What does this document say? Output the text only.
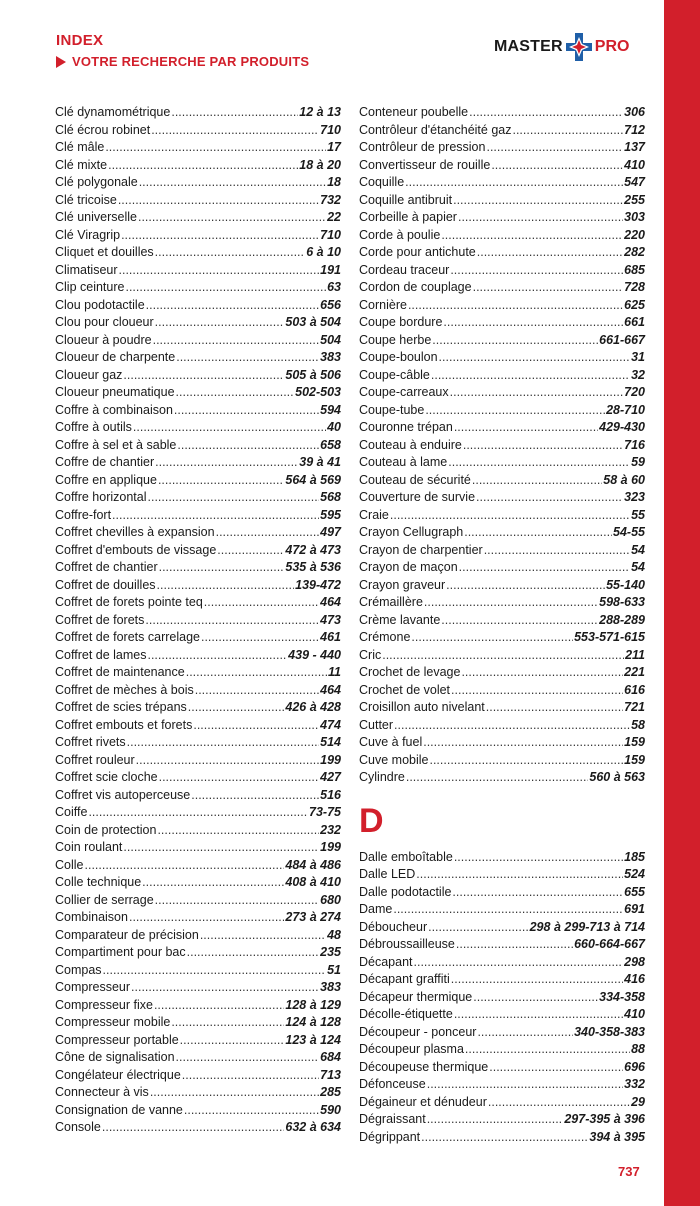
INDEX
VOTRE RECHERCHE PAR PRODUITS
MASTER PRO
Clé dynamométrique .....	12 à 13
Clé écrou robinet .....	710
Clé mâle .....	17
Clé mixte .....	18 à 20
Clé polygonale .....	18
Clé tricoise .....	732
Clé universelle .....	22
Clé Viragrip .....	710
Cliquet et douilles .....	6 à 10
Climatiseur .....	191
Clip ceinture .....	63
Clou podotactile .....	656
Clou pour cloueur .....	503 à 504
Cloueur à poudre .....	504
Cloueur de charpente .....	383
Cloueur gaz .....	505 à 506
Cloueur pneumatique .....	502-503
Coffre à combinaison .....	594
Coffre à outils .....	40
Coffre à sel et à sable .....	658
Coffre de chantier .....	39 à 41
Coffre en applique .....	564 à 569
Coffre horizontal .....	568
Coffre-fort .....	595
Coffret chevilles à expansion .....	497
Coffret d'embouts de vissage .....	472 à 473
Coffret de chantier .....	535 à 536
Coffret de douilles .....	139-472
Coffret de forets pointe teq .....	464
Coffret de forets .....	473
Coffret de forets carrelage .....	461
Coffret de lames .....	439 - 440
Coffret de maintenance .....	11
Coffret de mèches à bois .....	464
Coffret de scies trépans .....	426 à 428
Coffret embouts et forets .....	474
Coffret rivets .....	514
Coffret rouleur .....	199
Coffret scie cloche .....	427
Coffret vis autoperceuse .....	516
Coiffe .....	73-75
Coin de protection .....	232
Coin roulant .....	199
Colle .....	484 à 486
Colle technique .....	408 à 410
Collier de serrage .....	680
Combinaison .....	273 à 274
Comparateur de précision .....	48
Compartiment pour bac .....	235
Compas .....	51
Compresseur .....	383
Compresseur fixe .....	128 à 129
Compresseur mobile .....	124 à 128
Compresseur portable .....	123 à 124
Cône de signalisation .....	684
Congélateur électrique .....	713
Connecteur à vis .....	285
Consignation de vanne .....	590
Console .....	632 à 634
Conteneur poubelle .....	306
Contrôleur d'étanchéité gaz .....	712
Contrôleur de pression .....	137
Convertisseur de rouille .....	410
Coquille .....	547
Coquille antibruit .....	255
Corbeille à papier .....	303
Corde à poulie .....	220
Corde pour antichute .....	282
Cordeau traceur .....	685
Cordon de couplage .....	728
Cornière .....	625
Coupe bordure .....	661
Coupe herbe .....	661-667
Coupe-boulon .....	31
Coupe-câble .....	32
Coupe-carreaux .....	720
Coupe-tube .....	28-710
Couronne trépan .....	429-430
Couteau à enduire .....	716
Couteau à lame .....	59
Couteau de sécurité .....	58 à 60
Couverture de survie .....	323
Craie .....	55
Crayon Cellugraph .....	54-55
Crayon de charpentier .....	54
Crayon de maçon .....	54
Crayon graveur .....	55-140
Crémaillère .....	598-633
Crème lavante .....	288-289
Crémone .....	553-571-615
Cric .....	211
Crochet de levage .....	221
Crochet de volet .....	616
Croisillon auto nivelant .....	721
Cutter .....	58
Cuve à fuel .....	159
Cuve mobile .....	159
Cylindre .....	560 à 563
D
Dalle emboîtable .....	185
Dalle LED .....	524
Dalle podotactile .....	655
Dame .....	691
Déboucheur .....	298 à 299-713 à 714
Débroussailleuse .....	660-664-667
Décapant .....	298
Décapant graffiti .....	416
Décapeur thermique .....	334-358
Décolle-étiquette .....	410
Découpeur - ponceur .....	340-358-383
Découpeur plasma .....	88
Découpeuse thermique .....	696
Défonceuse .....	332
Dégaineur et dénudeur .....	29
Dégraissant .....	297-395 à 396
Dégrippant .....	394 à 395
737
